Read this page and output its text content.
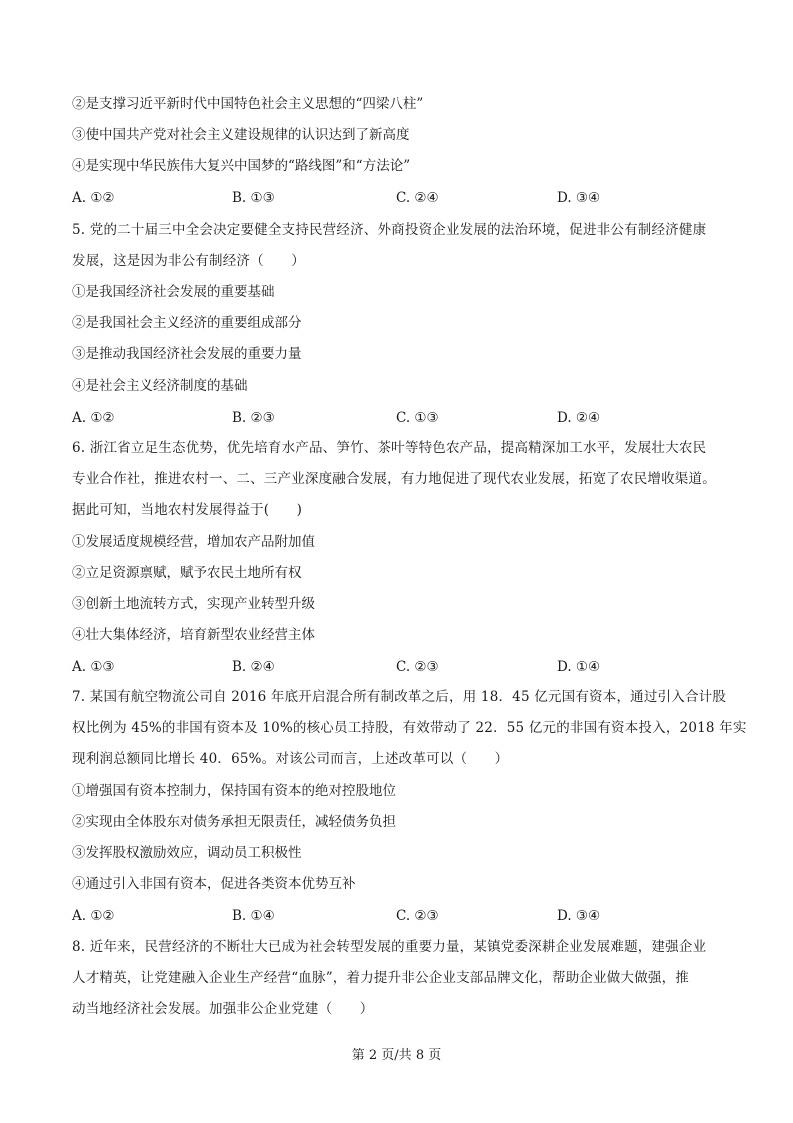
②是支撑习近平新时代中国特色社会主义思想的“四梁八柱”
③使中国共产党对社会主义建设规律的认识达到了新高度
④是实现中华民族伟大复兴中国梦的“路线图”和“方法论”
A. ①②	B. ①③	C. ②④	D. ③④
5. 党的二十届三中全会决定要健全支持民营经济、外商投资企业发展的法治环境，促进非公有制经济健康
发展，这是因为非公有制经济（　　）
①是我国经济社会发展的重要基础
②是我国社会主义经济的重要组成部分
③是推动我国经济社会发展的重要力量
④是社会主义经济制度的基础
A. ①②	B. ②③	C. ①③	D. ②④
6. 浙江省立足生态优势，优先培育水产品、笋竹、茶叶等特色农产品，提高精深加工水平，发展壮大农民
专业合作社，推进农村一、二、三产业深度融合发展，有力地促进了现代农业发展，拓宽了农民增收渠道。
据此可知，当地农村发展得益于(　　)
①发展适度规模经营，增加农产品附加值
②立足资源禀赋，赋予农民土地所有权
③创新土地流转方式，实现产业转型升级
④壮大集体经济，培育新型农业经营主体
A. ①③	B. ②④	C. ②③	D. ①④
7. 某国有航空物流公司自 2016 年底开启混合所有制改革之后，用 18．45 亿元国有资本，通过引入合计股
权比例为 45%的非国有资本及 10%的核心员工持股，有效带动了 22．55 亿元的非国有资本投入，2018 年实
现利润总额同比增长 40．65%。对该公司而言，上述改革可以（　　）
①增强国有资本控制力，保持国有资本的绝对控股地位
②实现由全体股东对债务承担无限责任，减轻债务负担
③发挥股权激励效应，调动员工积极性
④通过引入非国有资本，促进各类资本优势互补
A. ①②	B. ①④	C. ②③	D. ③④
8. 近年来，民营经济的不断壮大已成为社会转型发展的重要力量，某镇党委深耕企业发展难题，建强企业
人才精英，让党建融入企业生产经营“血脉”，着力提升非公企业支部品牌文化，帮助企业做大做强，推
动当地经济社会发展。加强非公企业党建（　　）
第 2 页/共 8 页
